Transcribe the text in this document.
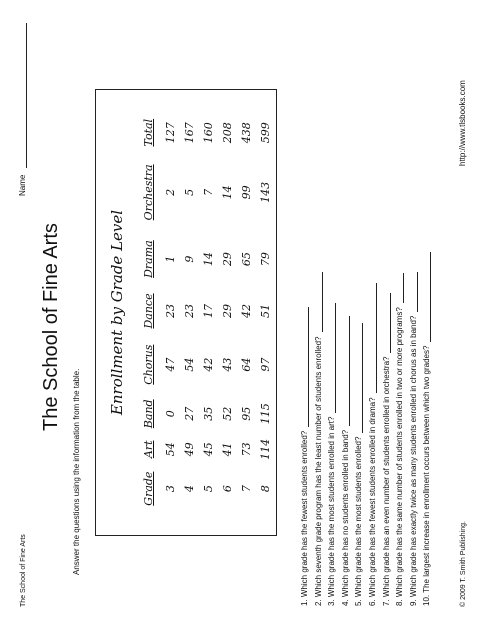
The School of Fine Arts
Name
The School of Fine Arts
Answer the questions using the information from the table.
Enrollment by Grade Level
Grade	Art	Band	Chorus	Dance	Drama	Orchestra	Total
3	54	0	47	23	1	2	127
4	49	27	54	23	9	5	167
5	45	35	42	17	14	7	160
6	41	52	43	29	29	14	208
7	73	95	64	42	65	99	438
8	114	115	97	51	79	143	599
1. Which grade has the fewest students enrolled? 2. Which seventh grade program has the least number of students enrolled? 3. Which grade has the most students enrolled in art? 4. Which grade has no students enrolled in band? 5. Which grade has the most students enrolled? 6. Which grade has the fewest students enrolled in drama? 7. Which grade has an even number of students enrolled in orchestra? 8. Which grade has the same number of students enrolled in two or more programs? 9. Which grade has exactly twice as many students enrolled in chorus as in band? 10. The largest increase in enrollment occurs between which two grades?	© 2009 T. Smith Publishing.
http://www.tlsbooks.com
